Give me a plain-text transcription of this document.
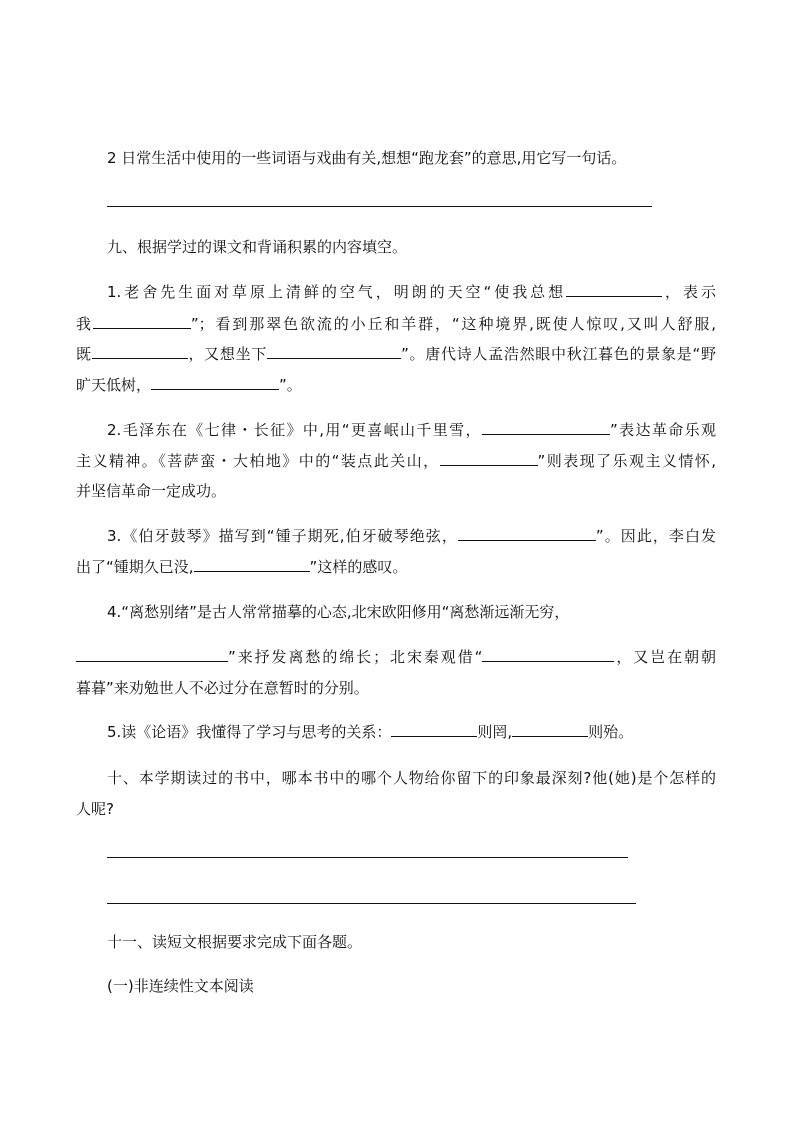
2 日常生活中使用的一些词语与戏曲有关,想想“跑龙套”的意思,用它写一句话。
九、根据学过的课文和背诵积累的内容填空。
1.老舍先生面对草原上清鲜的空气，明朗的天空“使我总想	，表示
我	”；看到那翠色欲流的小丘和羊群，“这种境界,既使人惊叹,又叫人舒服,
既	，又想坐下	”。唐代诗人孟浩然眼中秋江暮色的景象是“野
旷天低树，	”。
2.毛泽东在《七律・长征》中,用“更喜岷山千里雪，	”表达革命乐观
主义精神。《菩萨蛮・大柏地》中的“装点此关山，	”则表现了乐观主义情怀,
并坚信革命一定成功。
3.《伯牙鼓琴》描写到“锺子期死,伯牙破琴绝弦，	”。因此，李白发
出了“锺期久已没,	”这样的感叹。
4.“离愁别绪”是古人常常描摹的心态,北宋欧阳修用“离愁渐远渐无穷，
”来抒发离愁的绵长；北宋秦观借“	，又岂在朝朝
暮暮”来劝勉世人不必过分在意暂时的分别。
5.读《论语》我懂得了学习与思考的关系：	则罔,	则殆。
十、本学期读过的书中，哪本书中的哪个人物给你留下的印象最深刻?他(她)是个怎样的
人呢?
十一、读短文根据要求完成下面各题。
(一)非连续性文本阅读
